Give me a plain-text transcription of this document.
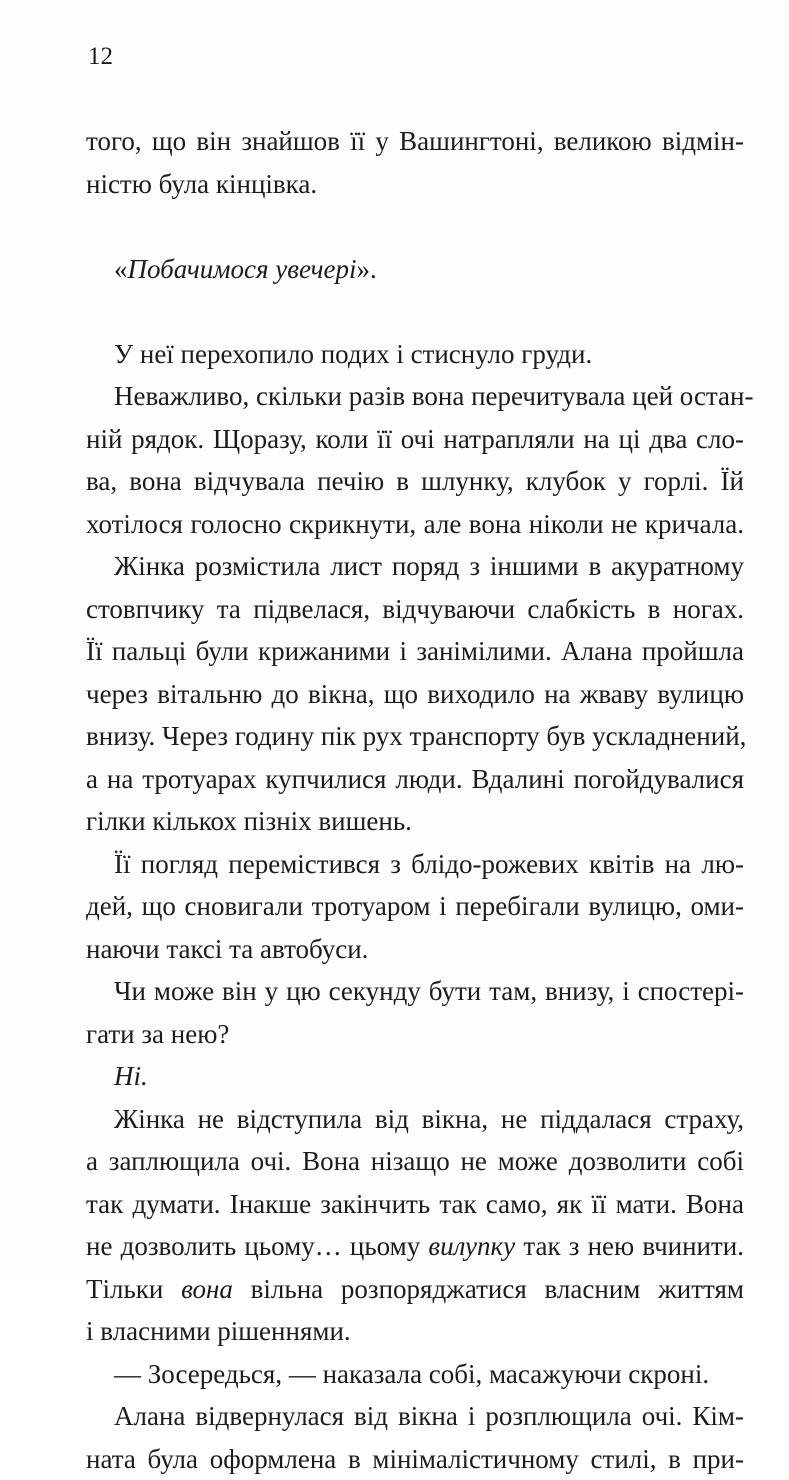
12
того, що він знайшов її у Вашингтоні, великою відмін-
ністю була кінцівка.
«Побачимося увечері».
У неї перехопило подих і стиснуло груди.
Неважливо, скільки разів вона перечитувала цей остан-
ній рядок. Щоразу, коли її очі натрапляли на ці два сло-
ва, вона відчувала печію в шлунку, клубок у горлі. Їй
хотілося голосно скрикнути, але вона ніколи не кричала.
Жінка розмістила лист поряд з іншими в акуратному
стовпчику та підвелася, відчуваючи слабкість в ногах.
Її пальці були крижаними і занімілими. Алана пройшла
через вітальню до вікна, що виходило на жваву вулицю
внизу. Через годину пік рух транспорту був ускладнений,
а на тротуарах купчилися люди. Вдалині погойдувалися
гілки кількох пізніх вишень.
Її погляд перемістився з блідо-рожевих квітів на лю-
дей, що сновигали тротуаром і перебігали вулицю, оми-
наючи таксі та автобуси.
Чи може він у цю секунду бути там, внизу, і спостері-
гати за нею?
Ні.
Жінка не відступила від вікна, не піддалася страху,
а заплющила очі. Вона нізащо не може дозволити собі
так думати. Інакше закінчить так само, як її мати. Вона
не дозволить цьому… цьому вилупку так з нею вчинити.
Тільки вона вільна розпоряджатися власним життям
і власними рішеннями.
— Зосередься, — наказала собі, масажуючи скроні.
Алана відвернулася від вікна і розплющила очі. Кім-
ната була оформлена в мінімалістичному стилі, в при-
